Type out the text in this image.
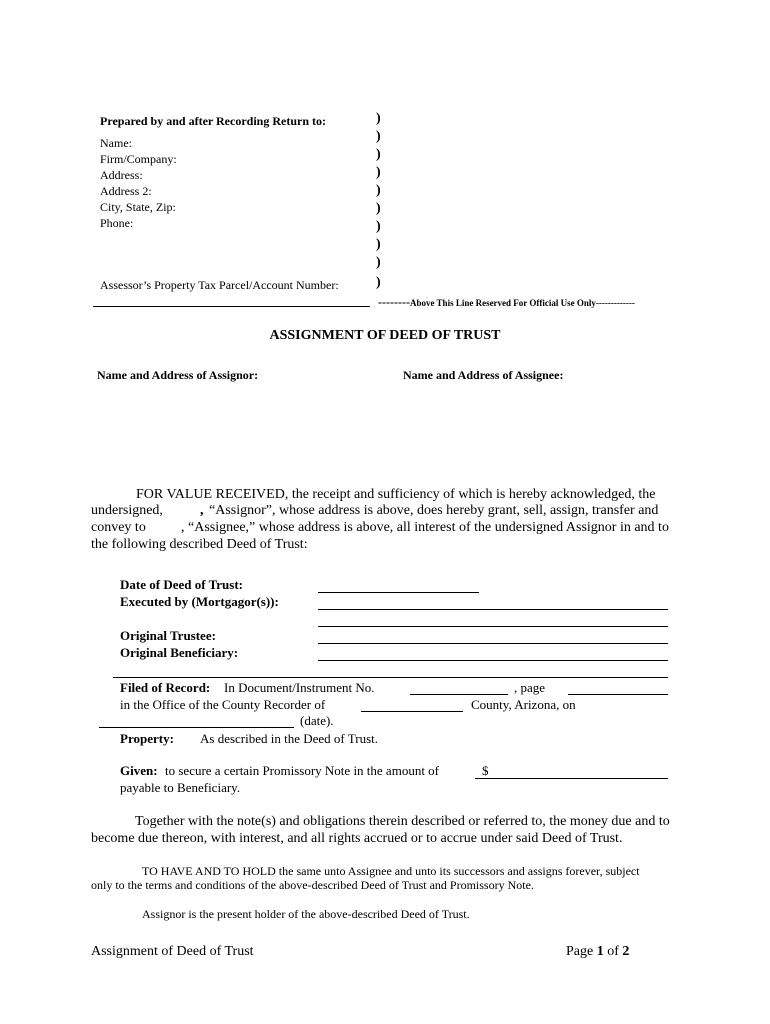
Prepared by and after Recording Return to:
Name:
Firm/Company:
Address:
Address 2:
City, State, Zip:
Phone:
Assessor’s Property Tax Parcel/Account Number:
)
)
)
)
)
)
)
)
)
)
--------Above This Line Reserved For Official Use Only-------------
ASSIGNMENT OF DEED OF TRUST
Name and Address of Assignor:	Name and Address of Assignee:
FOR VALUE RECEIVED, the receipt and sufficiency of which is hereby acknowledged, the
undersigned,	, “Assignor”, whose address is above, does hereby grant, sell, assign, transfer and
convey to	, “Assignee,” whose address is above, all interest of the undersigned Assignor in and to
the following described Deed of Trust:
Date of Deed of Trust:
Executed by (Mortgagor(s)):
Original Trustee:
Original Beneficiary:
Filed of Record: In Document/Instrument No.	, page
in the Office of the County Recorder of	County, Arizona, on
(date).
Property: As described in the Deed of Trust.
Given: to secure a certain Promissory Note in the amount of	$
payable to Beneficiary.
Together with the note(s) and obligations therein described or referred to, the money due and to
become due thereon, with interest, and all rights accrued or to accrue under said Deed of Trust.
TO HAVE AND TO HOLD the same unto Assignee and unto its successors and assigns forever, subject
only to the terms and conditions of the above-described Deed of Trust and Promissory Note.
Assignor is the present holder of the above-described Deed of Trust.
Assignment of Deed of Trust	Page 1 of 2
